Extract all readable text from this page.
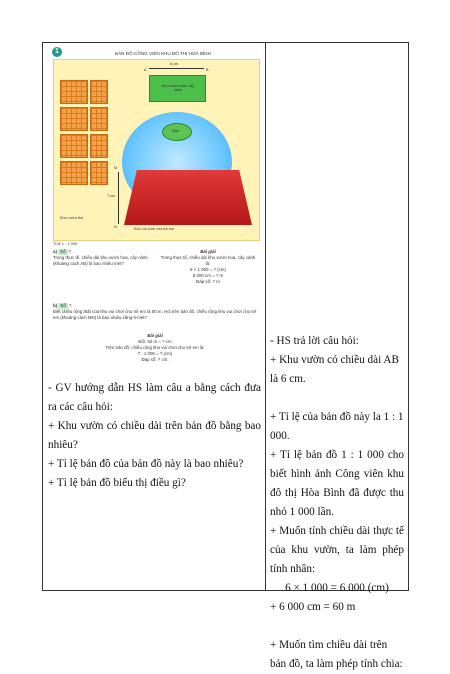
1	BẢN ĐỒ CÔNG VIÊN KHU ĐÔ THỊ HOÀ BÌNH
6 cm
A	B
Khu vườn hoa, cây cảnh
Đảo
Khu vui chơi cho trẻ em
? cm
M
N
Khu vườn thú
Tỉ lệ 1 : 1 000
a) Số ?
Trong thực tế, chiều dài khu vườn hoa, cây cảnh (khoảng cách AB) là bao nhiêu mét?
Bài giải
Trong thực tế, chiều dài khu vườn hoa, cây cảnh là:
6 × 1 000 = ? (cm)
6 000 cm = ? m
Đáp số: ? m
b) Số ?
Biết chiều rộng thật của khu vui chơi cho trẻ em là 50 m. Hỏi trên bản đồ, chiều rộng khu vui chơi cho trẻ em (khoảng cách MN) là bao nhiêu xăng-ti-mét?
Bài giải
Đổi: 50 m = ? cm
Trên bản đồ, chiều rộng khu vui chơi cho trẻ em là:
? : 1 000 = ? (cm)
Đáp số: ? cm.

- GV hướng dẫn HS làm câu a bằng cách đưa ra các câu hỏi:

+ Khu vườn có chiều dài trên bản đồ bằng bao nhiêu?

+ Tỉ lệ bản đồ của bản đồ này là bao nhiêu?

+ Tỉ lệ bản đồ biểu thị điều gì?

- HS trả lời câu hỏi:

+ Khu vườn có chiều dài AB là 6 cm.

+ Tỉ lệ của bản đồ này la 1 : 1 000.

+ Tỉ lệ bản đồ 1 : 1 000 cho biết hình ảnh Công viên khu đô thị Hòa Bình đã được thu nhỏ 1 000 lần.

+ Muốn tính chiều dài thực tế của khu vườn, ta làm phép tính nhân:

6 × 1 000 = 6 000 (cm)

+ 6 000 cm = 60 m

+ Muốn tìm chiều dài trên bản đồ, ta làm phép tính chia:
